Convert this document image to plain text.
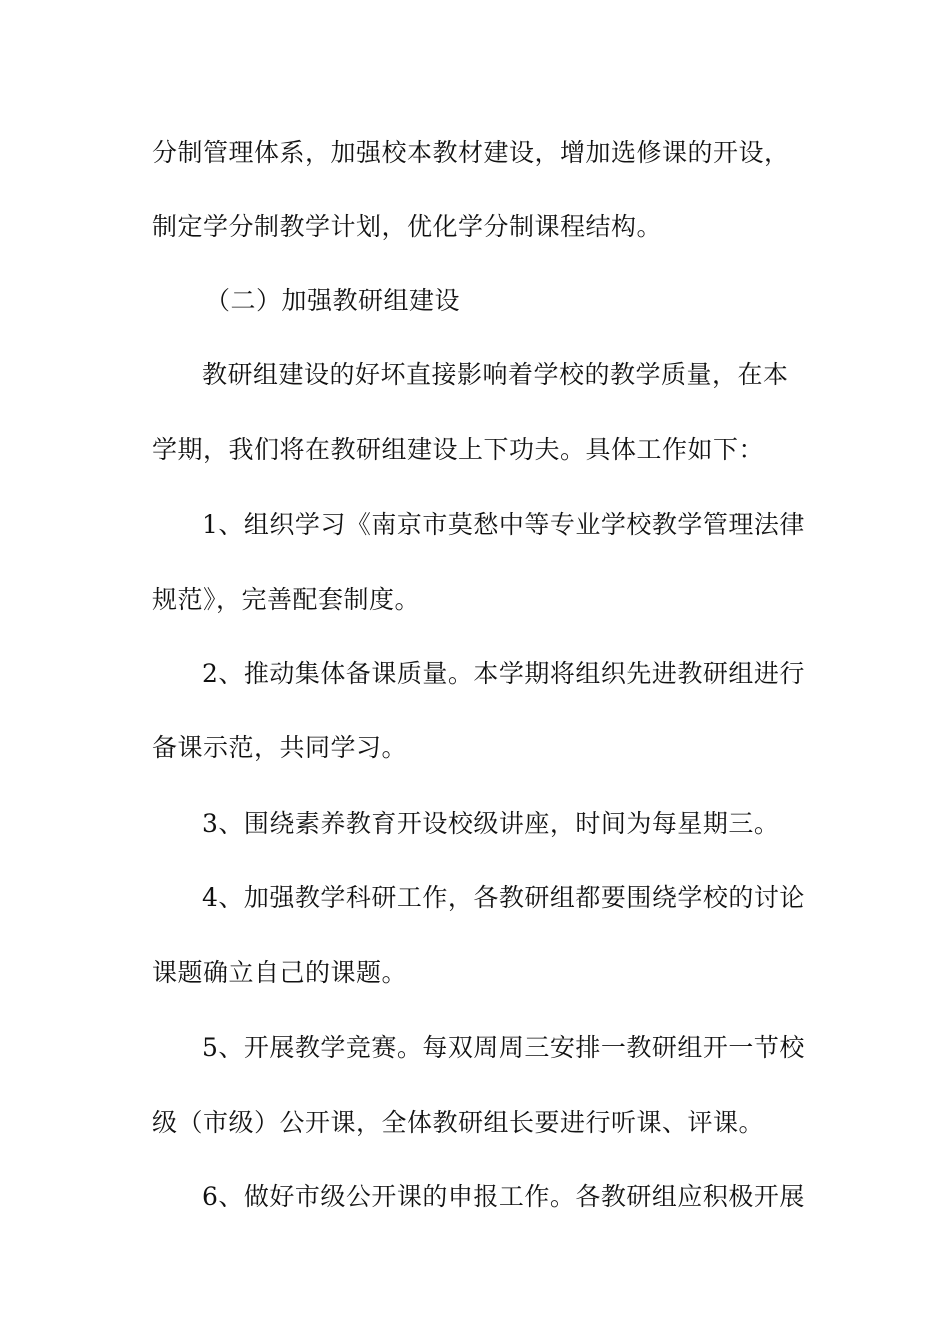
分制管理体系，加强校本教材建设，增加选修课的开设，
制定学分制教学计划，优化学分制课程结构。
（二）加强教研组建设
教研组建设的好坏直接影响着学校的教学质量，在本
学期，我们将在教研组建设上下功夫。具体工作如下：
1、组织学习《南京市莫愁中等专业学校教学管理法律
规范》，完善配套制度。
2、推动集体备课质量。本学期将组织先进教研组进行
备课示范，共同学习。
3、围绕素养教育开设校级讲座，时间为每星期三。
4、加强教学科研工作，各教研组都要围绕学校的讨论
课题确立自己的课题。
5、开展教学竞赛。每双周周三安排一教研组开一节校
级（市级）公开课，全体教研组长要进行听课、评课。
6、做好市级公开课的申报工作。各教研组应积极开展
